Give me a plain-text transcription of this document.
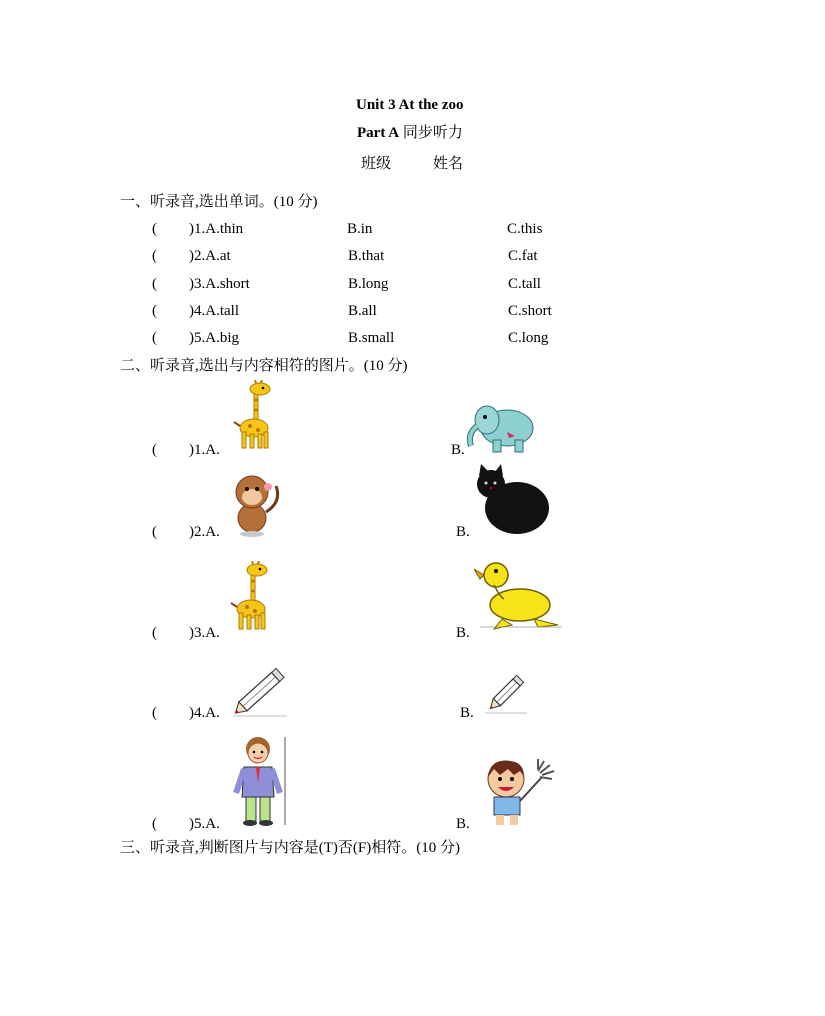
Unit 3 At the zoo
Part A 同步听力
班级	姓名
一、听录音,选出单词。(10 分)
( )1.A.thin	B.in	C.this
( )2.A.at	B.that	C.fat
( )3.A.short	B.long	C.tall
( )4.A.tall	B.all	C.short
( )5.A.big	B.small	C.long
二、听录音,选出与内容相符的图片。(10 分)
( )1.A.	B.
( )2.A.	B.
( )3.A.	B.
( )4.A.	B.
( )5.A.	B.
三、听录音,判断图片与内容是(T)否(F)相符。(10 分)
